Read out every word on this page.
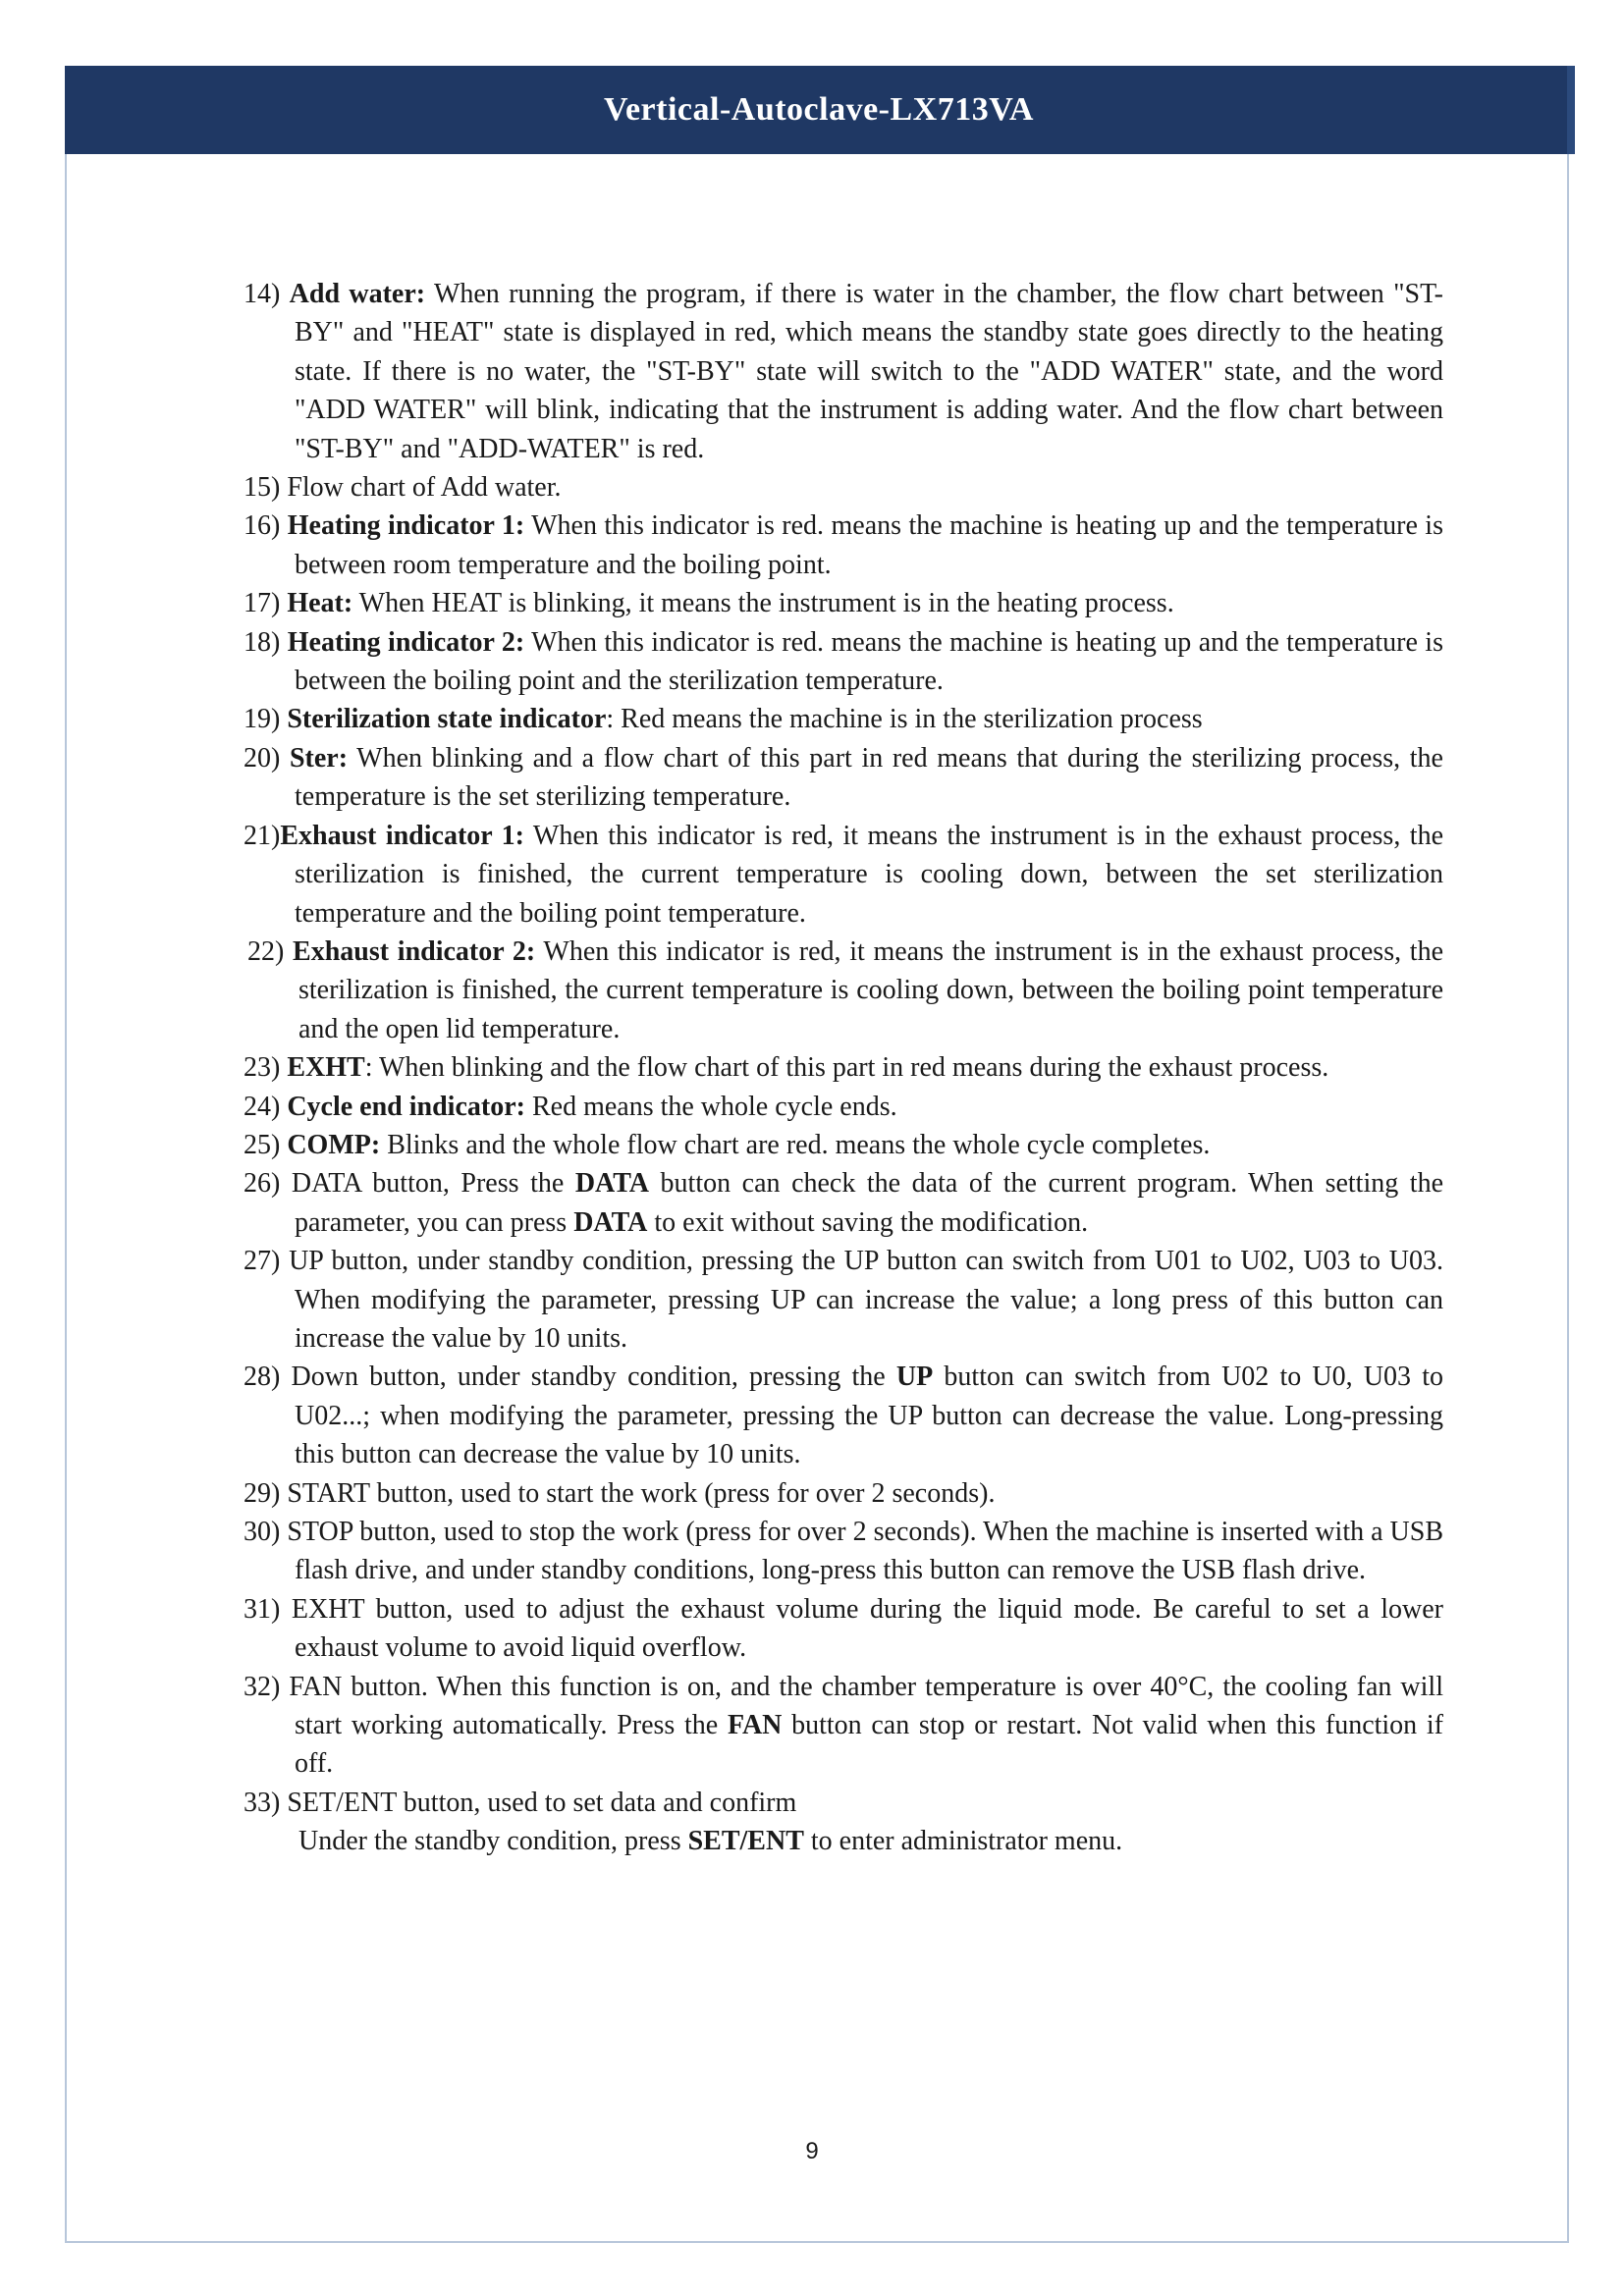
Vertical-Autoclave-LX713VA

14) Add water: When running the program, if there is water in the chamber, the flow chart between "ST-BY" and "HEAT" state is displayed in red, which means the standby state goes directly to the heating state. If there is no water, the "ST-BY" state will switch to the "ADD WATER" state, and the word "ADD WATER" will blink, indicating that the instrument is adding water. And the flow chart between "ST-BY" and "ADD-WATER" is red.

15) Flow chart of Add water.

16) Heating indicator 1: When this indicator is red. means the machine is heating up and the temperature is between room temperature and the boiling point.

17) Heat: When HEAT is blinking, it means the instrument is in the heating process.

18) Heating indicator 2: When this indicator is red. means the machine is heating up and the temperature is between the boiling point and the sterilization temperature.

19) Sterilization state indicator: Red means the machine is in the sterilization process

20) Ster: When blinking and a flow chart of this part in red means that during the sterilizing process, the temperature is the set sterilizing temperature.

21)Exhaust indicator 1: When this indicator is red, it means the instrument is in the exhaust process, the sterilization is finished, the current temperature is cooling down, between the set sterilization temperature and the boiling point temperature.

22) Exhaust indicator 2: When this indicator is red, it means the instrument is in the exhaust process, the sterilization is finished, the current temperature is cooling down, between the boiling point temperature and the open lid temperature.

23) EXHT: When blinking and the flow chart of this part in red means during the exhaust process.

24) Cycle end indicator: Red means the whole cycle ends.

25) COMP: Blinks and the whole flow chart are red. means the whole cycle completes.

26) DATA button, Press the DATA button can check the data of the current program. When setting the parameter, you can press DATA to exit without saving the modification.

27) UP button, under standby condition, pressing the UP button can switch from U01 to U02, U03 to U03. When modifying the parameter, pressing UP can increase the value; a long press of this button can increase the value by 10 units.

28) Down button, under standby condition, pressing the UP button can switch from U02 to U0, U03 to U02...; when modifying the parameter, pressing the UP button can decrease the value. Long-pressing this button can decrease the value by 10 units.

29) START button, used to start the work (press for over 2 seconds).

30) STOP button, used to stop the work (press for over 2 seconds). When the machine is inserted with a USB flash drive, and under standby conditions, long-press this button can remove the USB flash drive.

31) EXHT button, used to adjust the exhaust volume during the liquid mode. Be careful to set a lower exhaust volume to avoid liquid overflow.

32) FAN button. When this function is on, and the chamber temperature is over 40°C, the cooling fan will start working automatically. Press the FAN button can stop or restart. Not valid when this function if off.

33) SET/ENT button, used to set data and confirm

Under the standby condition, press SET/ENT to enter administrator menu.

9
